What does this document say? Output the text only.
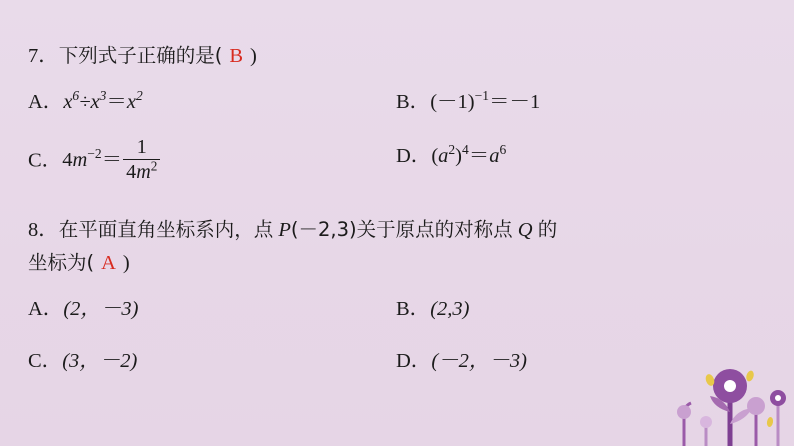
7．下列式子正确的是( B )
A．$x^6\div x^3=x^2$	B．$(-1)^{-1}=-1$
C．$4m^{-2}= \frac{1}{4m^2}$	D．$(a^2)^4=a^6$
8．在平面直角坐标系内，点 P(－2,3)关于原点的对称点 Q 的
坐标为( A )
A．(2，－3)	B．(2,3)
C．(3，－2)	D．(－2，－3)
